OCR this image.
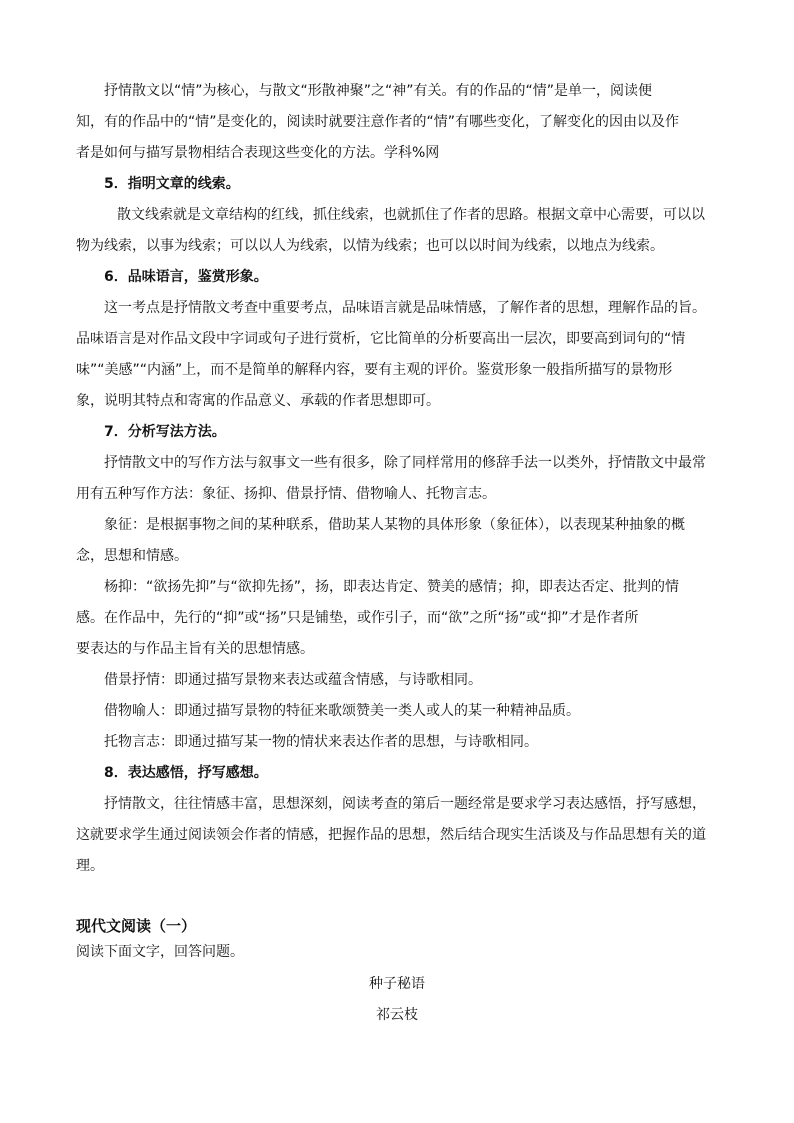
抒情散文以“情”为核心，与散文“形散神聚”之“神”有关。有的作品的“情”是单一，阅读便
知，有的作品中的“情”是变化的，阅读时就要注意作者的“情”有哪些变化，了解变化的因由以及作
者是如何与描写景物相结合表现这些变化的方法。学科%网
5．指明文章的线索。
散文线索就是文章结构的红线，抓住线索，也就抓住了作者的思路。根据文章中心需要，可以以
物为线索，以事为线索；可以以人为线索，以情为线索；也可以以时间为线索，以地点为线索。
6．品味语言，鉴赏形象。
这一考点是抒情散文考查中重要考点，品味语言就是品味情感，了解作者的思想，理解作品的旨。
品味语言是对作品文段中字词或句子进行赏析，它比简单的分析要高出一层次，即要高到词句的“情
味”“美感”“内涵”上，而不是简单的解释内容，要有主观的评价。鉴赏形象一般指所描写的景物形
象，说明其特点和寄寓的作品意义、承载的作者思想即可。
7．分析写法方法。
抒情散文中的写作方法与叙事文一些有很多，除了同样常用的修辞手法一以类外，抒情散文中最常
用有五种写作方法：象征、扬抑、借景抒情、借物喻人、托物言志。
象征：是根据事物之间的某种联系，借助某人某物的具体形象（象征体），以表现某种抽象的概
念，思想和情感。
杨抑：“欲扬先抑”与“欲抑先扬”，扬，即表达肯定、赞美的感情；抑，即表达否定、批判的情
感。在作品中，先行的“抑”或“扬”只是铺垫，或作引子，而“欲”之所“扬”或“抑”才是作者所
要表达的与作品主旨有关的思想情感。
借景抒情：即通过描写景物来表达或蕴含情感，与诗歌相同。
借物喻人：即通过描写景物的特征来歌颂赞美一类人或人的某一种精神品质。
托物言志：即通过描写某一物的情状来表达作者的思想，与诗歌相同。
8．表达感悟，抒写感想。
抒情散文，往往情感丰富，思想深刻，阅读考查的第后一题经常是要求学习表达感悟，抒写感想，
这就要求学生通过阅读领会作者的情感，把握作品的思想，然后结合现实生活谈及与作品思想有关的道
理。
现代文阅读（一）
阅读下面文字，回答问题。
种子秘语
祁云枝
